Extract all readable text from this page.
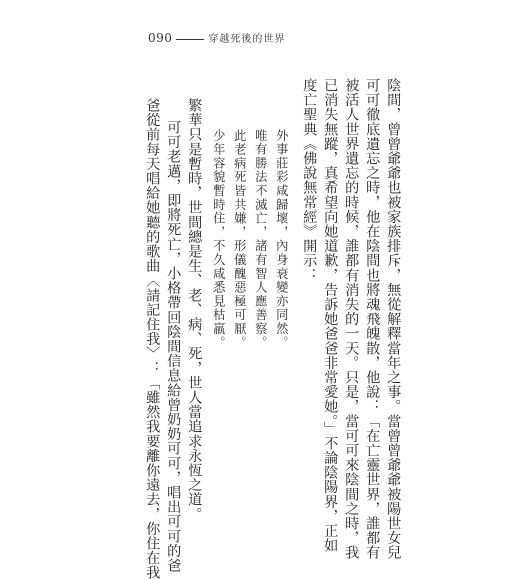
090	穿越死後的世界
陰間，曾曾爺爺也被家族排斥，無從解釋當年之事。當曾曾爺爺被陽世女兒
可可徹底遺忘之時，他在陰間也將魂飛魄散，他說：「在亡靈世界，誰都有
被活人世界遺忘的時候，誰都有消失的一天。只是，當可可來陰間之時，我
已消失無蹤，真希望向她道歉，告訴她爸爸非常愛她。」不論陰陽界，正如
度亡聖典《佛說無常經》開示：
外事莊彩咸歸壞，內身衰變亦同然。
唯有勝法不滅亡，諸有智人應善察。
此老病死皆共嫌，形儀醜惡極可厭。
少年容貌暫時住，不久咸悉見枯羸。
繁華只是暫時，世間總是生、老、病、死，世人當追求永恆之道。
可可老邁，即將死亡，小格帶回陰間信息給曾奶奶可可，唱出可可的爸
爸從前每天唱給她聽的歌曲〈請記住我〉：「雖然我要離你遠去，你住在我
